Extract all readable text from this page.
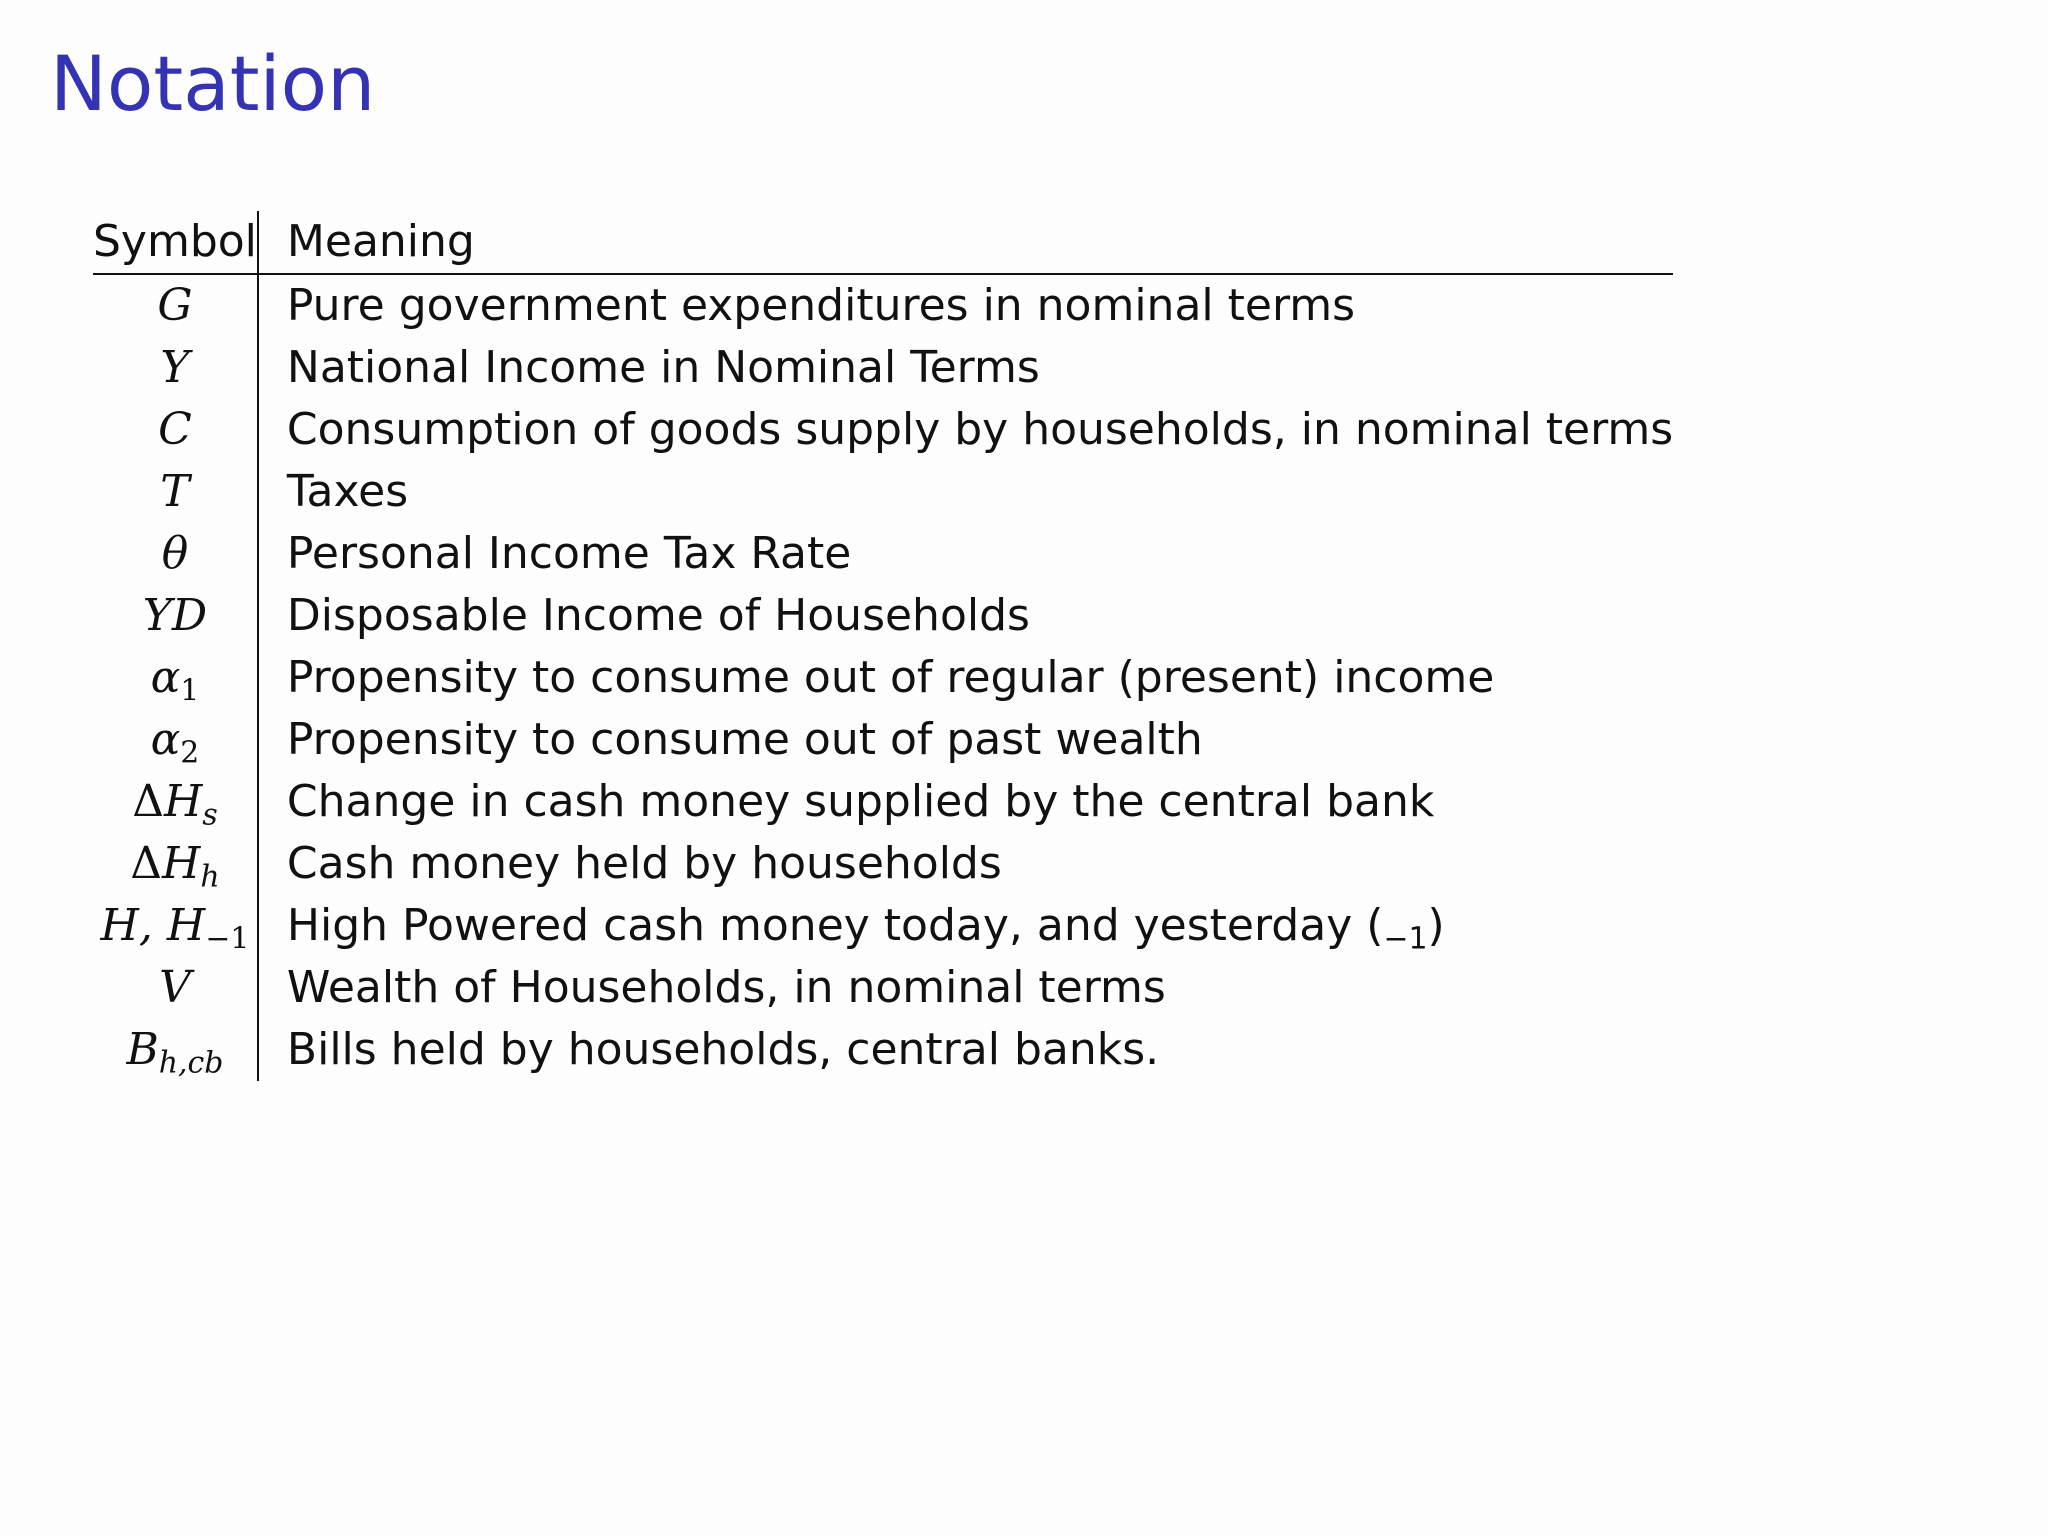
Notation
Symbol	Meaning
G	Pure government expenditures in nominal terms
Y	National Income in Nominal Terms
C	Consumption of goods supply by households, in nominal terms
T	Taxes
θ	Personal Income Tax Rate
YD	Disposable Income of Households
$\alpha_1$	Propensity to consume out of regular (present) income
$\alpha_2$	Propensity to consume out of past wealth
$\Delta H_s$	Change in cash money supplied by the central bank
$\Delta H_h$	Cash money held by households
H, $H_{-1}$	High Powered cash money today, and yesterday $(_{-1})$
V	Wealth of Households, in nominal terms
$B_{h,cb}$	Bills held by households, central banks.
